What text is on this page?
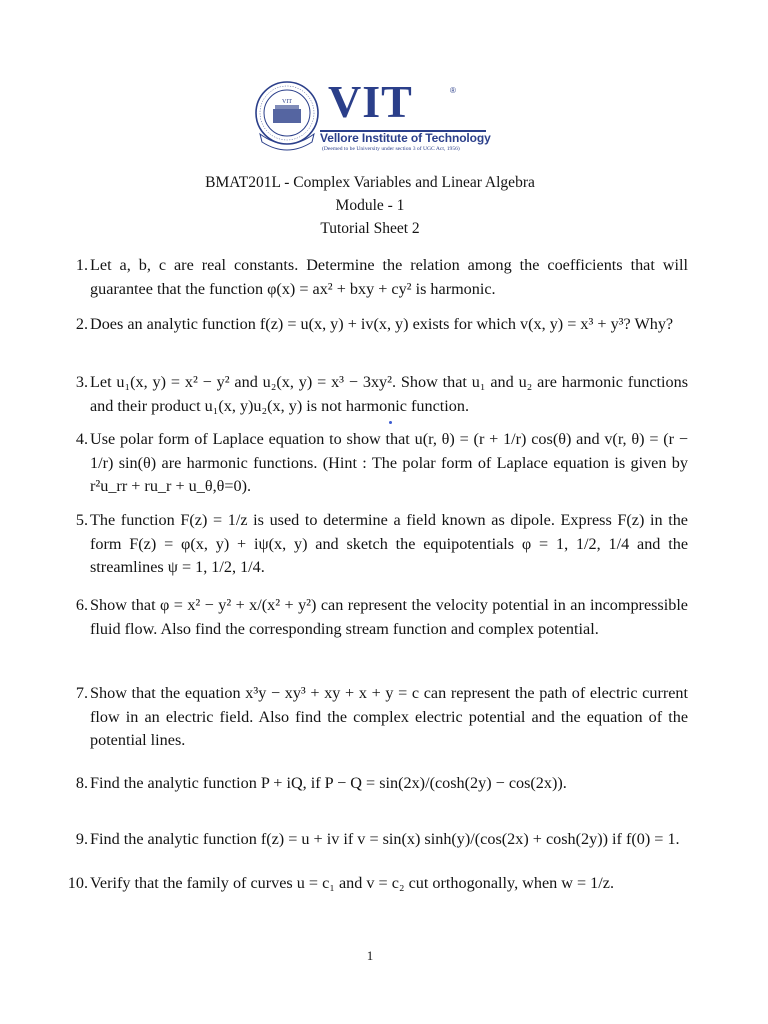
VIT VIT	®
Vellore Institute of Technology
(Deemed to be University under section 3 of UGC Act, 1956)
BMAT201L - Complex Variables and Linear Algebra
Module - 1
Tutorial Sheet 2
1. Let a, b, c are real constants. Determine the relation among the coefficients that will guarantee that the function φ(x) = ax² + bxy + cy² is harmonic.
2. Does an analytic function f(z) = u(x, y) + iv(x, y) exists for which v(x, y) = x³ + y³? Why?
3. Let u₁(x, y) = x² − y² and u₂(x, y) = x³ − 3xy². Show that u₁ and u₂ are harmonic functions and their product u₁(x, y)u₂(x, y) is not harmonic function.
4. Use polar form of Laplace equation to show that u(r, θ) = (r + 1/r) cos(θ) and v(r, θ) = (r − 1/r) sin(θ) are harmonic functions. (Hint : The polar form of Laplace equation is given by r²u_rr + ru_r + u_θ,θ=0).
5. The function F(z) = 1/z is used to determine a field known as dipole. Express F(z) in the form F(z) = φ(x, y) + iψ(x, y) and sketch the equipotentials φ = 1, 1/2, 1/4 and the streamlines ψ = 1, 1/2, 1/4.
6. Show that φ = x² − y² + x/(x² + y²) can represent the velocity potential in an incompressible fluid flow. Also find the corresponding stream function and complex potential.
7. Show that the equation x³y − xy³ + xy + x + y = c can represent the path of electric current flow in an electric field. Also find the complex electric potential and the equation of the potential lines.
8. Find the analytic function P + iQ, if P − Q = sin(2x)/(cosh(2y) − cos(2x)).
9. Find the analytic function f(z) = u + iv if v = sin(x) sinh(y)/(cos(2x) + cosh(2y)) if f(0) = 1.
10. Verify that the family of curves u = c₁ and v = c₂ cut orthogonally, when w = 1/z.
1
